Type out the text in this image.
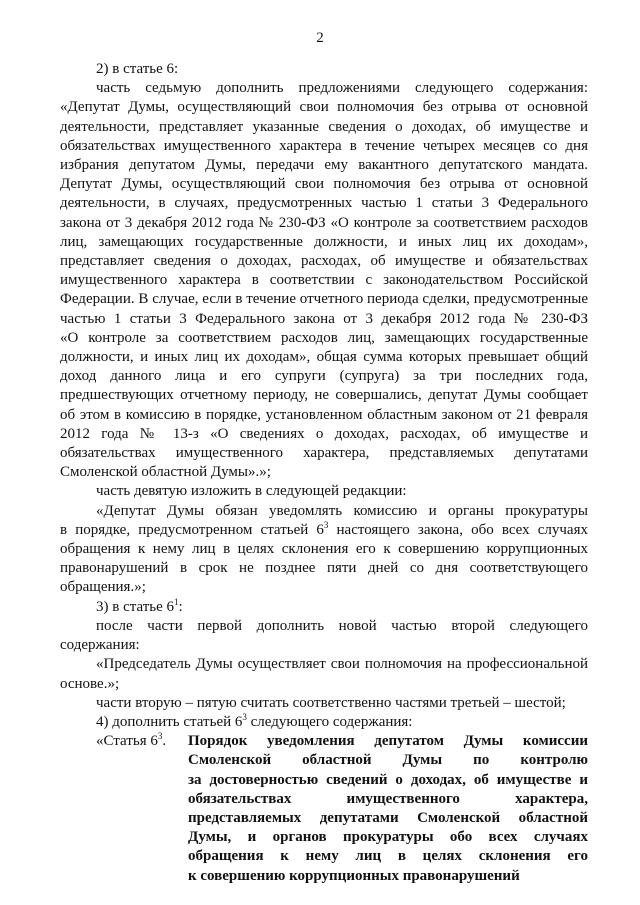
2
2) в статье 6:
часть седьмую дополнить предложениями следующего содержания:
«Депутат Думы, осуществляющий свои полномочия без отрыва от основной
деятельности, представляет указанные сведения о доходах, об имуществе и
обязательствах имущественного характера в течение четырех месяцев со дня
избрания депутатом Думы, передачи ему вакантного депутатского мандата.
Депутат Думы, осуществляющий свои полномочия без отрыва от основной
деятельности, в случаях, предусмотренных частью 1 статьи 3 Федерального
закона от 3 декабря 2012 года № 230-ФЗ «О контроле за соответствием расходов
лиц, замещающих государственные должности, и иных лиц их доходам»,
представляет сведения о доходах, расходах, об имуществе и обязательствах
имущественного характера в соответствии с законодательством Российской
Федерации. В случае, если в течение отчетного периода сделки, предусмотренные
частью 1 статьи 3 Федерального закона от 3 декабря 2012 года № 230-ФЗ
«О контроле за соответствием расходов лиц, замещающих государственные
должности, и иных лиц их доходам», общая сумма которых превышает общий
доход данного лица и его супруги (супруга) за три последних года,
предшествующих отчетному периоду, не совершались, депутат Думы сообщает
об этом в комиссию в порядке, установленном областным законом от 21 февраля
2012 года № 13-з «О сведениях о доходах, расходах, об имуществе и
обязательствах имущественного характера, представляемых депутатами
Смоленской областной Думы».»;
часть девятую изложить в следующей редакции:
«Депутат Думы обязан уведомлять комиссию и органы прокуратуры
в порядке, предусмотренном статьей $6^3$ настоящего закона, обо всех случаях
обращения к нему лиц в целях склонения его к совершению коррупционных
правонарушений в срок не позднее пяти дней со дня соответствующего
обращения.»;
3) в статье $6^1$:
после части первой дополнить новой частью второй следующего
содержания:
«Председатель Думы осуществляет свои полномочия на профессиональной
основе.»;
части вторую – пятую считать соответственно частями третьей – шестой;
4) дополнить статьей $6^3$ следующего содержания:
«Статья $6^3$.	Порядок уведомления депутатом Думы комиссии
Смоленской областной Думы по контролю
за достоверностью сведений о доходах, об имуществе и
обязательствах имущественного характера,
представляемых депутатами Смоленской областной
Думы, и органов прокуратуры обо всех случаях
обращения к нему лиц в целях склонения его
к совершению коррупционных правонарушений
